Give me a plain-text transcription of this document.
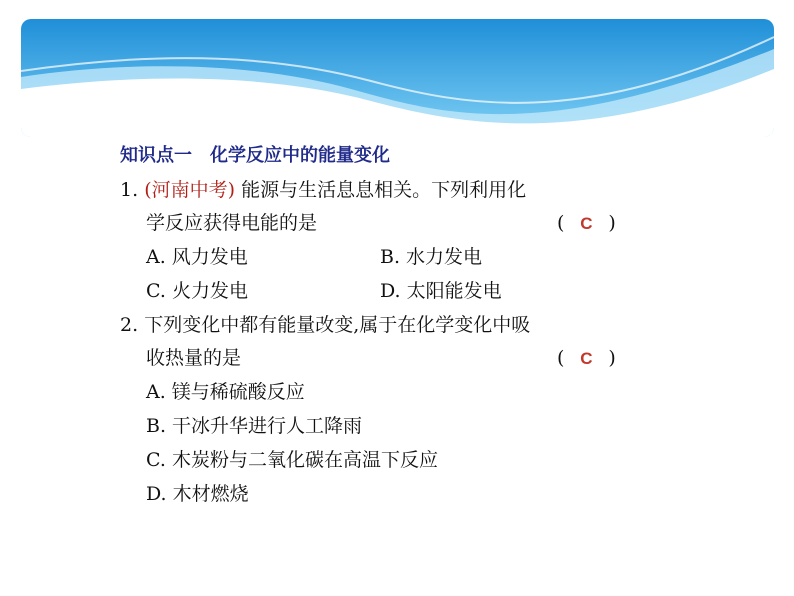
知识点一　化学反应中的能量变化
1. (河南中考) 能源与生活息息相关。下列利用化
学反应获得电能的是	( C )
A. 风力发电	B. 水力发电
C. 火力发电	D. 太阳能发电
2. 下列变化中都有能量改变,属于在化学变化中吸
收热量的是	( C )
A. 镁与稀硫酸反应
B. 干冰升华进行人工降雨
C. 木炭粉与二氧化碳在高温下反应
D. 木材燃烧
